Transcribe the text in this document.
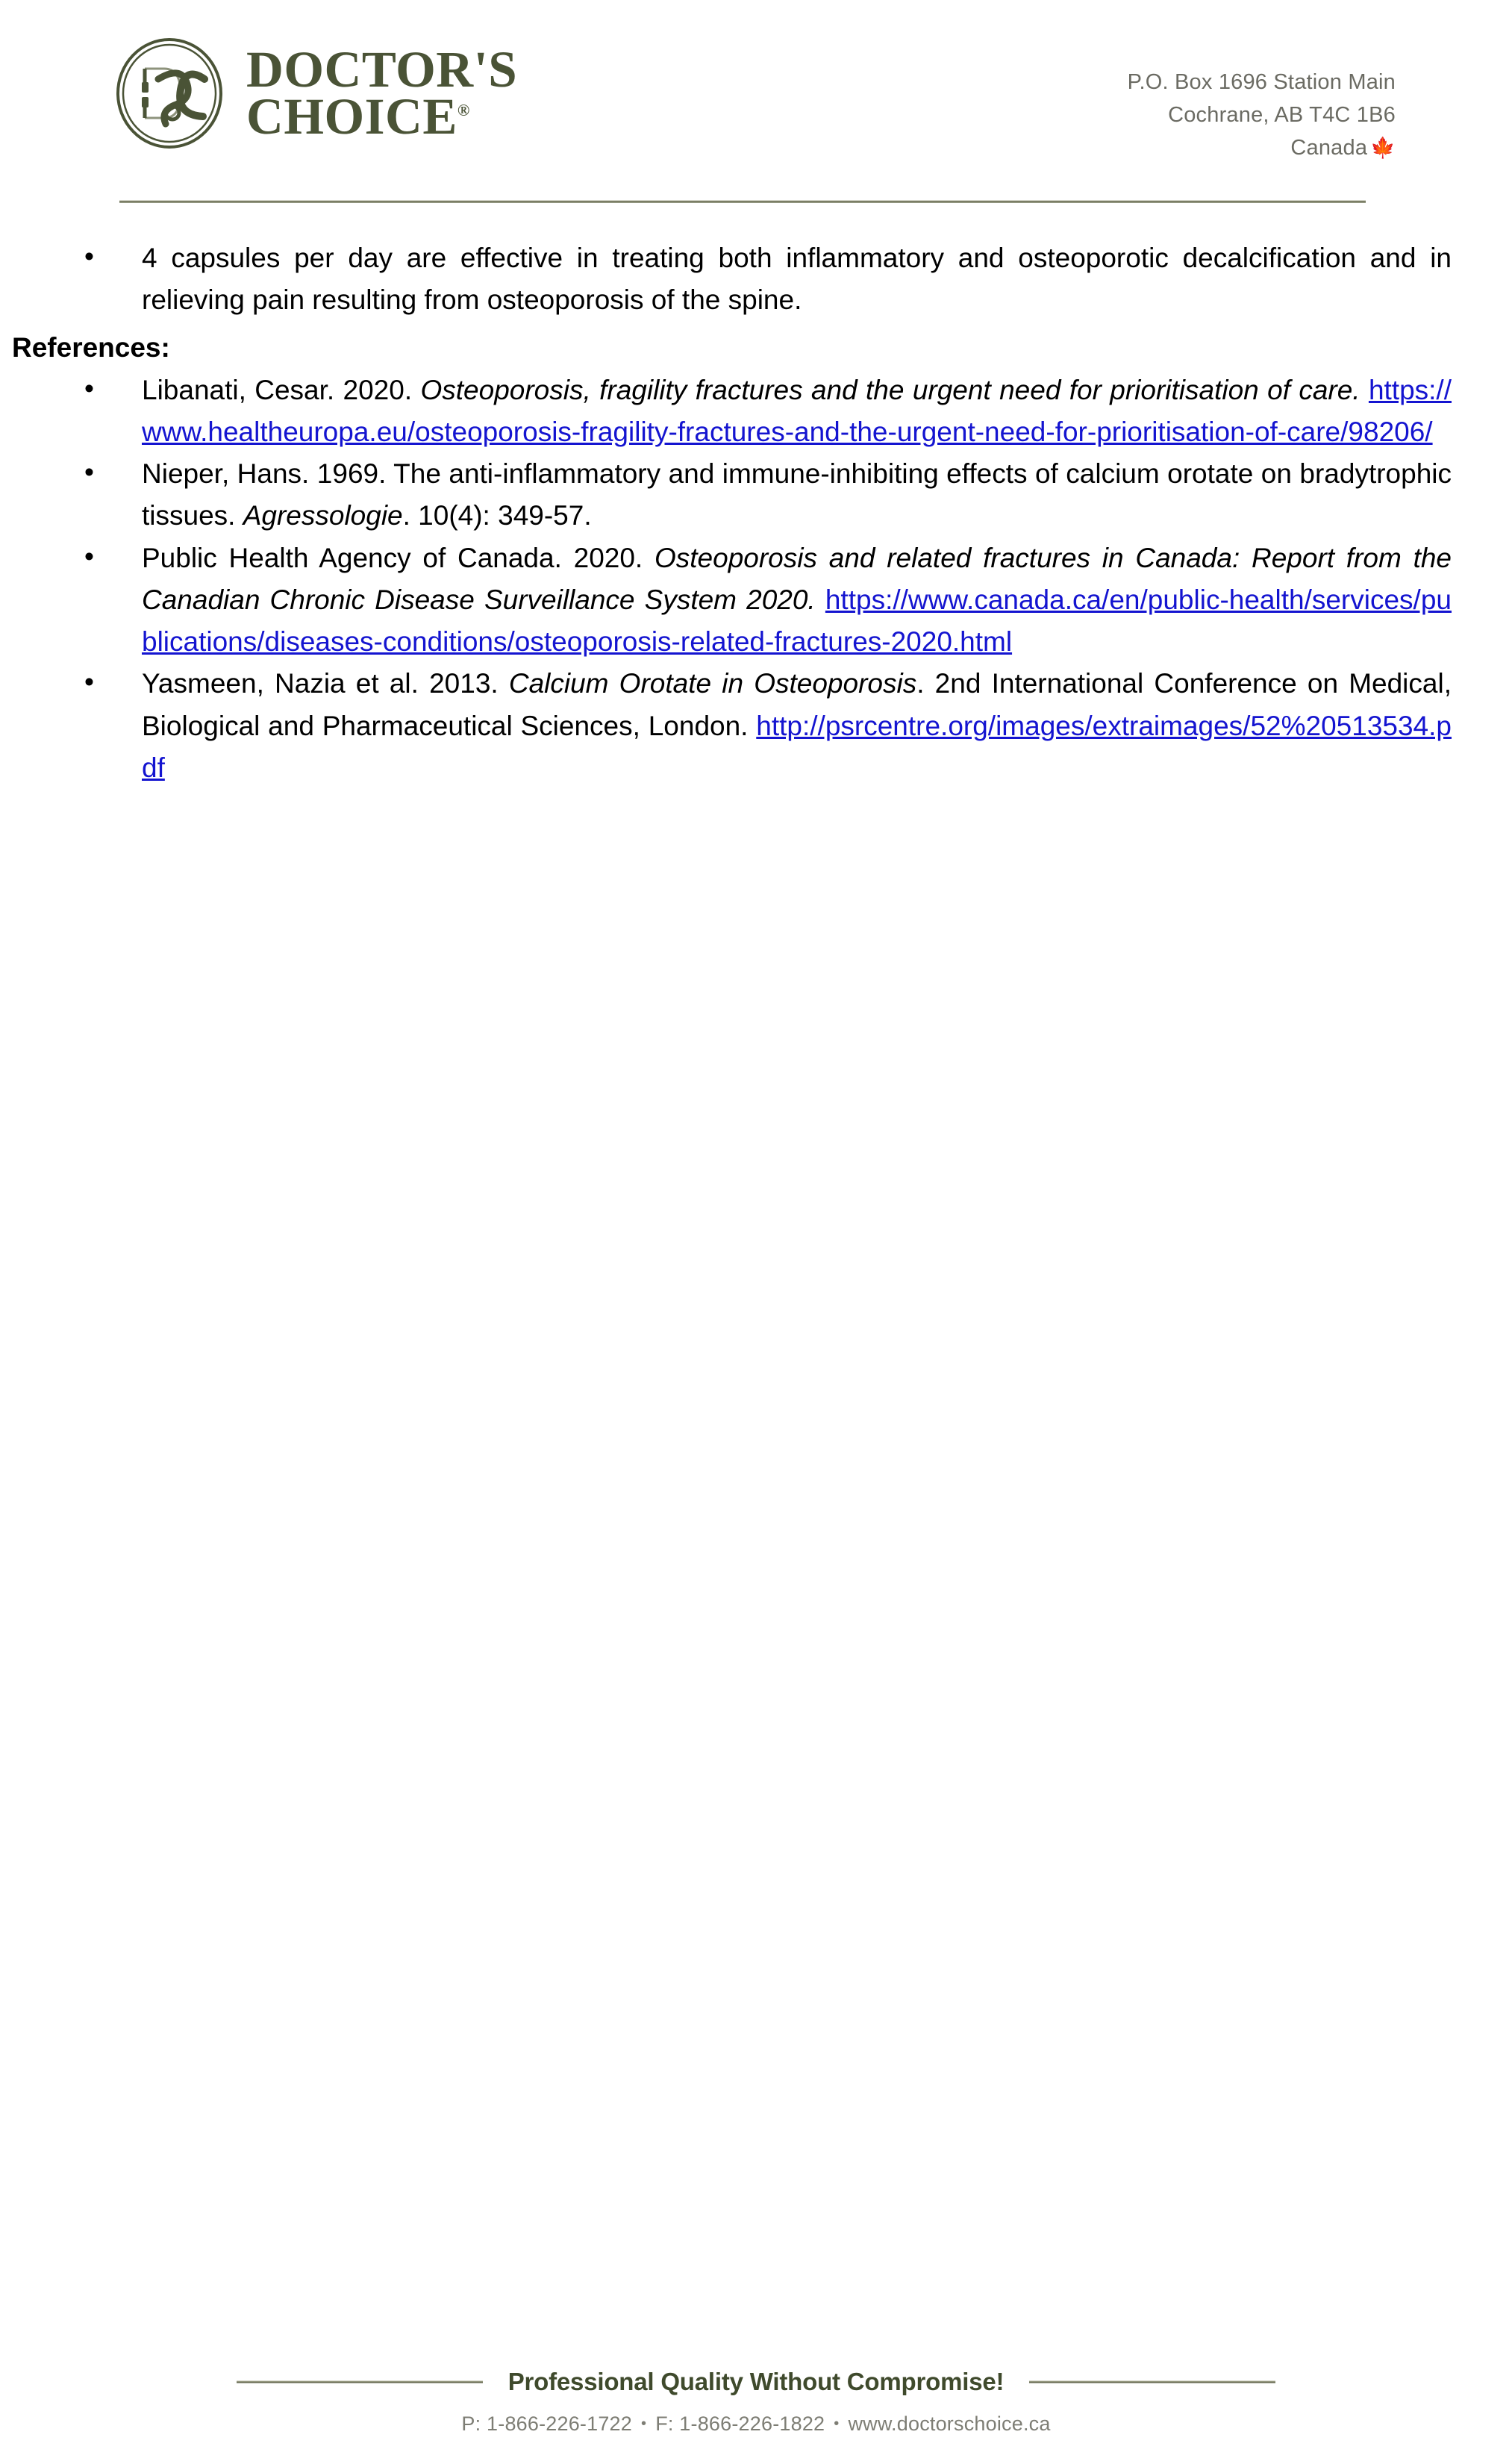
DOCTOR'S
CHOICE®
P.O. Box 1696 Station Main
Cochrane, AB T4C 1B6
Canada 🍁
• 4 capsules per day are effective in treating both inflammatory and osteoporotic decalcification and in relieving pain resulting from osteoporosis of the spine.
References:
• Libanati, Cesar. 2020. Osteoporosis, fragility fractures and the urgent need for prioritisation of care. https://www.healtheuropa.eu/osteoporosis-fragility-fractures-and-the-urgent-need-for-prioritisation-of-care/98206/
• Nieper, Hans. 1969. The anti-inflammatory and immune-inhibiting effects of calcium orotate on bradytrophic tissues. Agressologie. 10(4): 349-57.
• Public Health Agency of Canada. 2020. Osteoporosis and related fractures in Canada: Report from the Canadian Chronic Disease Surveillance System 2020. https://www.canada.ca/en/public-health/services/publications/diseases-conditions/osteoporosis-related-fractures-2020.html
• Yasmeen, Nazia et al. 2013. Calcium Orotate in Osteoporosis. 2nd International Conference on Medical, Biological and Pharmaceutical Sciences, London. http://psrcentre.org/images/extraimages/52%20513534.pdf
Professional Quality Without Compromise!
P: 1-866-226-1722 • F: 1-866-226-1822 • www.doctorschoice.ca
